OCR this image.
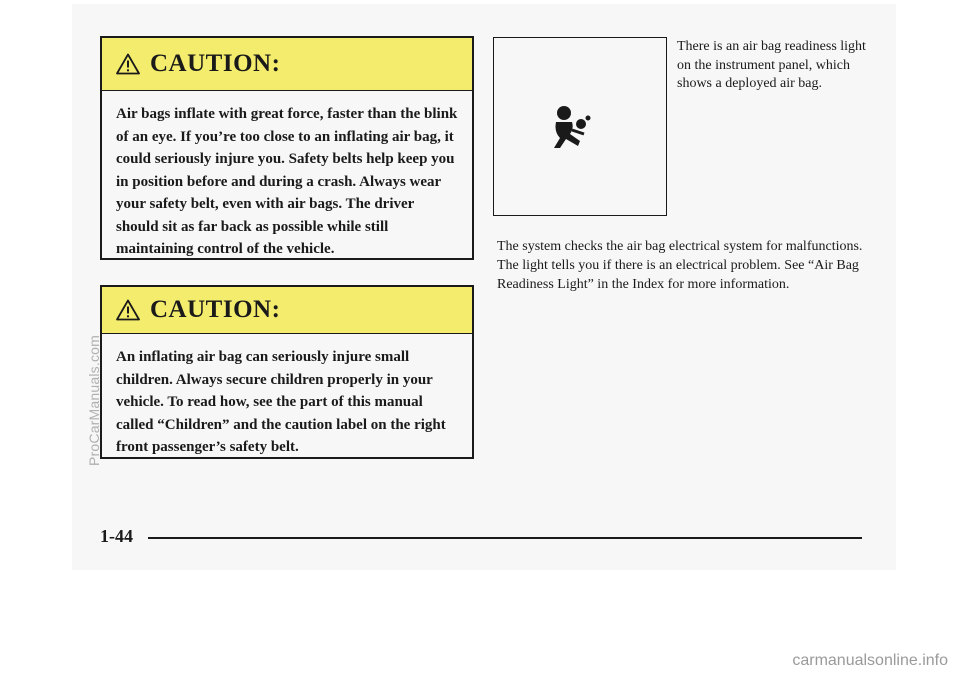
CAUTION:
Air bags inflate with great force, faster than the blink of an eye. If you’re too close to an inflating air bag, it could seriously injure you. Safety belts help keep you in position before and during a crash. Always wear your safety belt, even with air bags. The driver should sit as far back as possible while still maintaining control of the vehicle.
CAUTION:
An inflating air bag can seriously injure small children. Always secure children properly in your vehicle. To read how, see the part of this manual called “Children” and the caution label on the right front passenger’s safety belt.
There is an air bag readiness light on the instrument panel, which shows a deployed air bag.
The system checks the air bag electrical system for malfunctions. The light tells you if there is an electrical problem. See “Air Bag Readiness Light” in the Index for more information.
1-44
ProCarManuals.com
carmanualsonline.info
